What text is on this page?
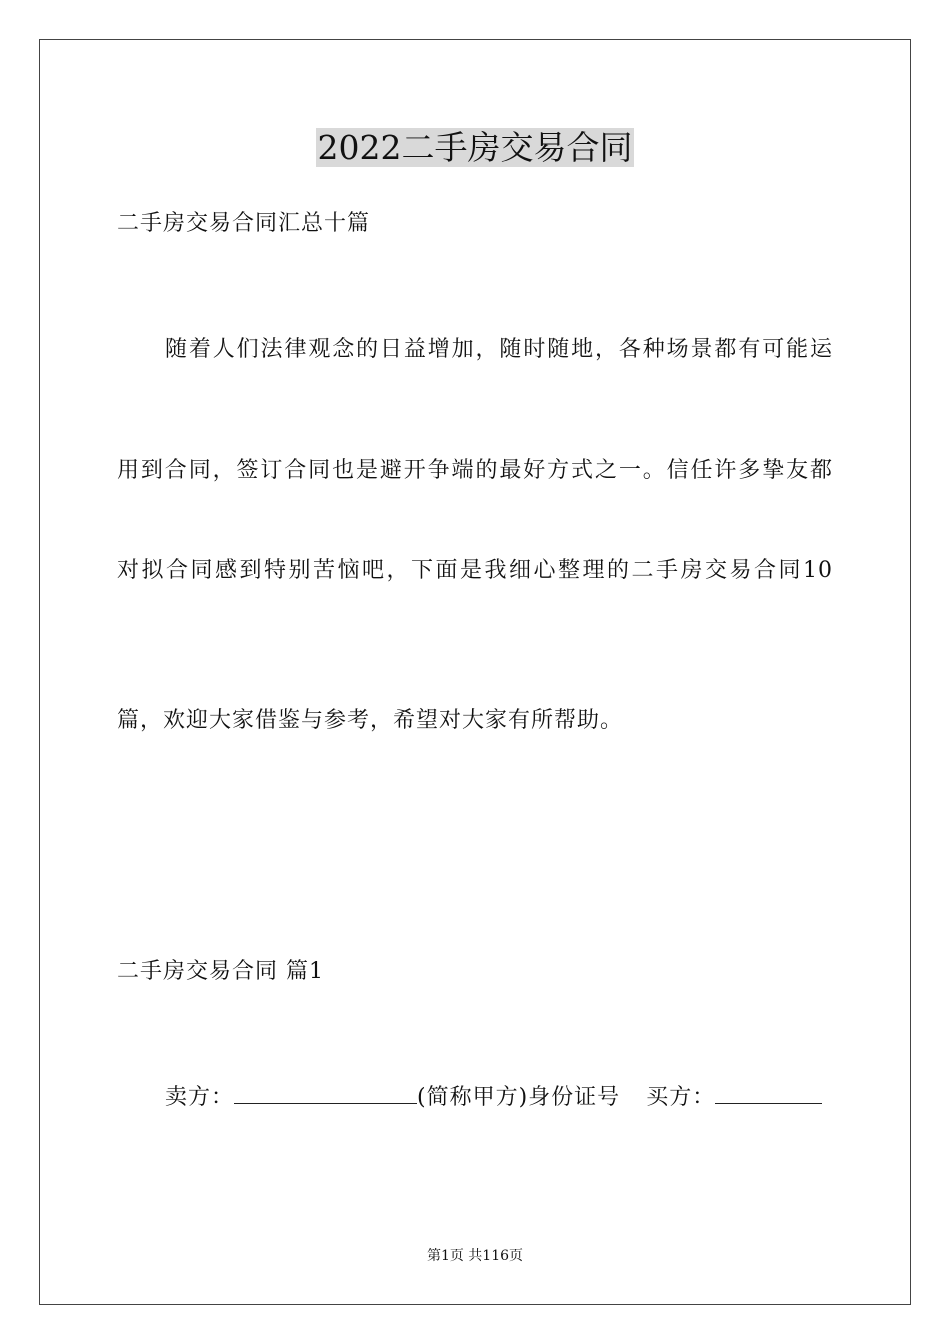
2022二手房交易合同
二手房交易合同汇总十篇
随着人们法律观念的日益增加，随时随地，各种场景都有可能运
用到合同，签订合同也是避开争端的最好方式之一。信任许多挚友都
对拟合同感到特别苦恼吧，下面是我细心整理的二手房交易合同10
篇，欢迎大家借鉴与参考，希望对大家有所帮助。
二手房交易合同 篇1
卖方：	(简称甲方)身份证号 买方：
第1页 共116页
